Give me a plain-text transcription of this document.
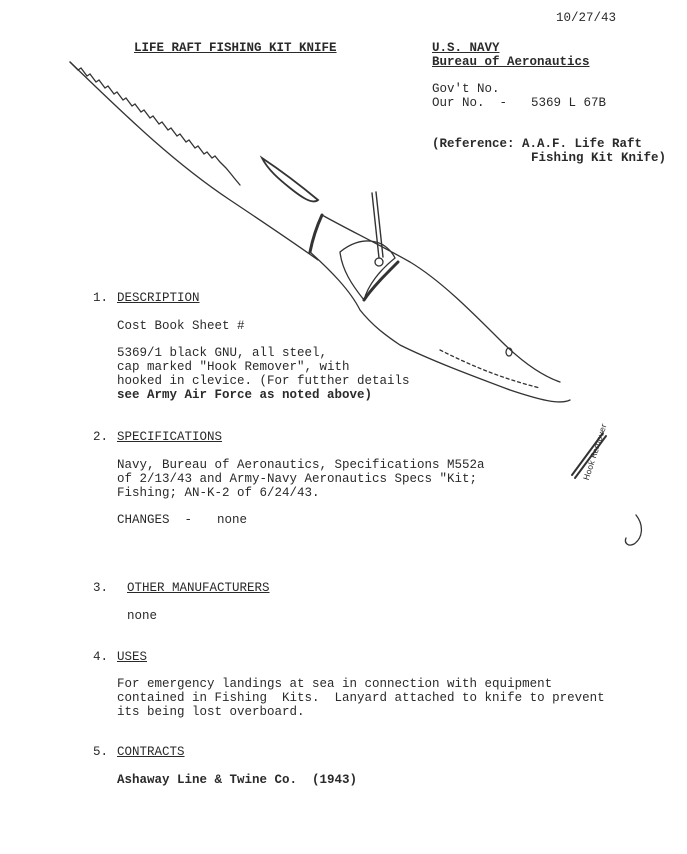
10/27/43
LIFE RAFT FISHING KIT KNIFE	U.S. NAVY
Bureau of Aeronautics
Gov't No.
Our No.  - 5369 L 67B
(Reference: A.A.F. Life Raft
Fishing Kit Knife)
Hook Remover
1. DESCRIPTION
Cost Book Sheet #
5369/1 black GNU, all steel,
cap marked "Hook Remover", with
hooked in clevice. (For futther details
see Army Air Force as noted above)
2. SPECIFICATIONS
Navy, Bureau of Aeronautics, Specifications M552a
of 2/13/43 and Army-Navy Aeronautics Specs "Kit;
Fishing; AN-K-2 of 6/24/43.
CHANGES  - none
3. OTHER MANUFACTURERS
none
4. USES
For emergency landings at sea in connection with equipment
contained in Fishing  Kits.  Lanyard attached to knife to prevent
its being lost overboard.
5. CONTRACTS
Ashaway Line & Twine Co.  (1943)
